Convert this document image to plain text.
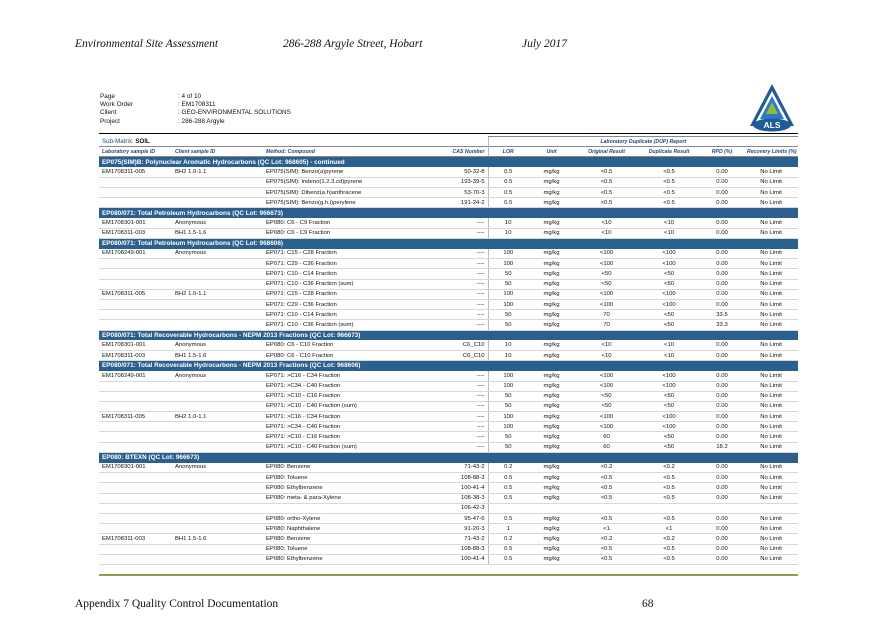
Environmental Site Assessment	286-288 Argyle Street, Hobart	July 2017
Page	: 4 of 10
Work Order	: EM1708311
Client	: GEO-ENVIRONMENTAL SOLUTIONS
Project	: 286-288 Argyle	ALS
Sub-Matrix: SOIL				Laboratory Duplicate (DUP) Report					
Laboratory sample ID	Client sample ID	Method: Compound	CAS Number	LOR	Unit	Original Result	Duplicate Result	RPD (%)	Recovery Limits (%)
EP075(SIM)B: Polynuclear Aromatic Hydrocarbons (QC Lot: 968605) - continued									
EM1708311-005	BH2 1.0-1.1	EP075(SIM): Benzo(a)pyrene	50-32-8	0.5	mg/kg	<0.5	<0.5	0.00	No Limit
		EP075(SIM): Indeno(1.2.3.cd)pyrene	193-39-5	0.5	mg/kg	<0.5	<0.5	0.00	No Limit
		EP075(SIM): Dibenz(a.h)anthracene	53-70-3	0.5	mg/kg	<0.5	<0.5	0.00	No Limit
		EP075(SIM): Benzo(g.h.i)perylene	191-24-2	0.5	mg/kg	<0.5	<0.5	0.00	No Limit
EP080/071: Total Petroleum Hydrocarbons (QC Lot: 966673)									
EM1708301-001	Anonymous	EP080: C6 - C9 Fraction	----	10	mg/kg	<10	<10	0.00	No Limit
EM1708311-003	BH1 1.5-1.6	EP080: C6 - C9 Fraction	----	10	mg/kg	<10	<10	0.00	No Limit
EP080/071: Total Petroleum Hydrocarbons (QC Lot: 968606)									
EM1708249-001	Anonymous	EP071: C15 - C28 Fraction	----	100	mg/kg	<100	<100	0.00	No Limit
		EP071: C29 - C36 Fraction	----	100	mg/kg	<100	<100	0.00	No Limit
		EP071: C10 - C14 Fraction	----	50	mg/kg	<50	<50	0.00	No Limit
		EP071: C10 - C36 Fraction (sum)	----	50	mg/kg	<50	<50	0.00	No Limit
EM1708311-005	BH2 1.0-1.1	EP071: C15 - C28 Fraction	----	100	mg/kg	<100	<100	0.00	No Limit
		EP071: C29 - C36 Fraction	----	100	mg/kg	<100	<100	0.00	No Limit
		EP071: C10 - C14 Fraction	----	50	mg/kg	70	<50	33.5	No Limit
		EP071: C10 - C36 Fraction (sum)	----	50	mg/kg	70	<50	33.3	No Limit
EP080/071: Total Recoverable Hydrocarbons - NEPM 2013 Fractions (QC Lot: 966673)									
EM1708301-001	Anonymous	EP080: C6 - C10 Fraction	C6_C10	10	mg/kg	<10	<10	0.00	No Limit
EM1708311-003	BH1 1.5-1.6	EP080: C6 - C10 Fraction	C6_C10	10	mg/kg	<10	<10	0.00	No Limit
EP080/071: Total Recoverable Hydrocarbons - NEPM 2013 Fractions (QC Lot: 968606)									
EM1708249-001	Anonymous	EP071: >C16 - C34 Fraction	----	100	mg/kg	<100	<100	0.00	No Limit
		EP071: >C34 - C40 Fraction	----	100	mg/kg	<100	<100	0.00	No Limit
		EP071: >C10 - C16 Fraction	----	50	mg/kg	<50	<50	0.00	No Limit
		EP071: >C10 - C40 Fraction (sum)	----	50	mg/kg	<50	<50	0.00	No Limit
EM1708311-005	BH2 1.0-1.1	EP071: >C16 - C34 Fraction	----	100	mg/kg	<100	<100	0.00	No Limit
		EP071: >C34 - C40 Fraction	----	100	mg/kg	<100	<100	0.00	No Limit
		EP071: >C10 - C16 Fraction	----	50	mg/kg	60	<50	0.00	No Limit
		EP071: >C10 - C40 Fraction (sum)	----	50	mg/kg	60	<50	18.2	No Limit
EP080: BTEXN (QC Lot: 966673)									
EM1708301-001	Anonymous	EP080: Benzene	71-43-2	0.2	mg/kg	<0.2	<0.2	0.00	No Limit
		EP080: Toluene	108-88-3	0.5	mg/kg	<0.5	<0.5	0.00	No Limit
		EP080: Ethylbenzene	100-41-4	0.5	mg/kg	<0.5	<0.5	0.00	No Limit
		EP080: meta- & para-Xylene	108-38-3	0.5	mg/kg	<0.5	<0.5	0.00	No Limit
			106-42-3						
		EP080: ortho-Xylene	95-47-6	0.5	mg/kg	<0.5	<0.5	0.00	No Limit
		EP080: Naphthalene	91-20-3	1	mg/kg	<1	<1	0.00	No Limit
EM1708311-003	BH1 1.5-1.6	EP080: Benzene	71-43-2	0.2	mg/kg	<0.2	<0.2	0.00	No Limit
		EP080: Toluene	108-88-3	0.5	mg/kg	<0.5	<0.5	0.00	No Limit
		EP080: Ethylbenzene	100-41-4	0.5	mg/kg	<0.5	<0.5	0.00	No Limit
Appendix 7 Quality Control Documentation	68
